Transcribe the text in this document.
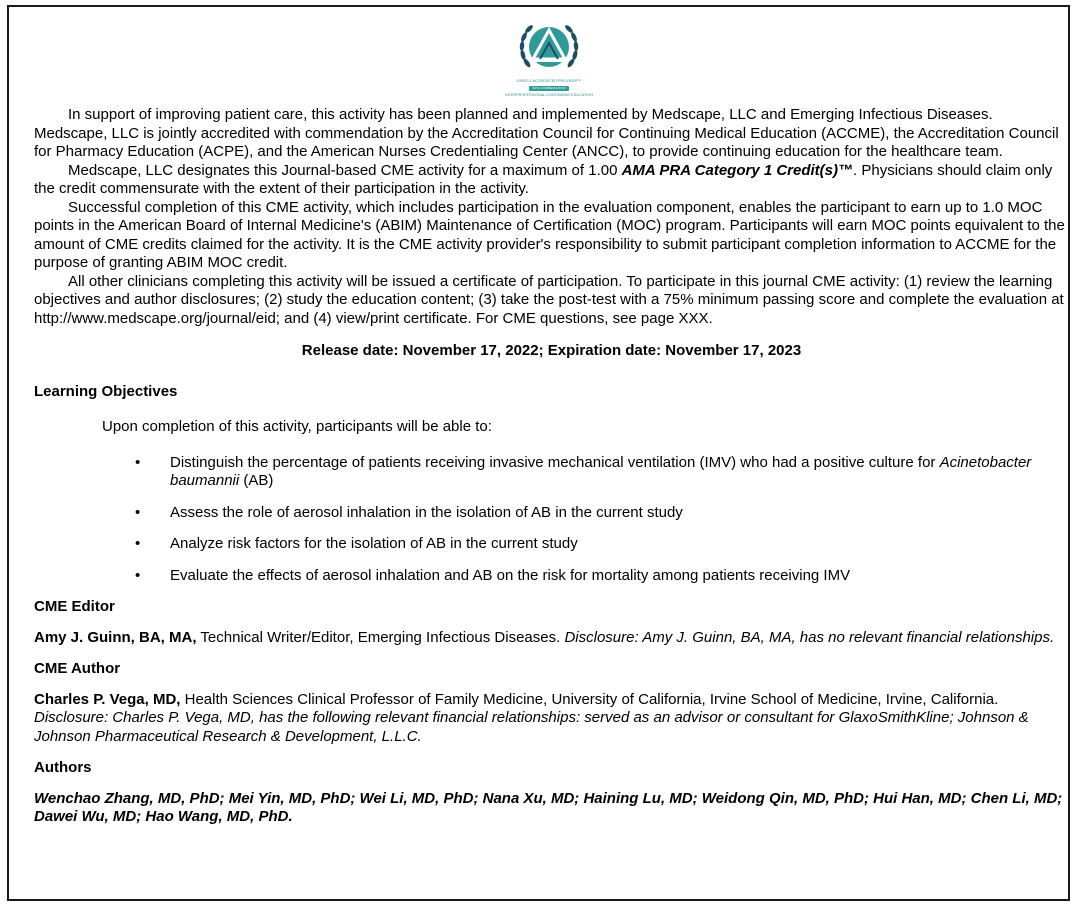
JOINTLY ACCREDITED PROVIDER™
WITH COMMENDATION
INTERPROFESSIONAL CONTINUING EDUCATION

In support of improving patient care, this activity has been planned and implemented by Medscape, LLC and Emerging Infectious Diseases. Medscape, LLC is jointly accredited with commendation by the Accreditation Council for Continuing Medical Education (ACCME), the Accreditation Council for Pharmacy Education (ACPE), and the American Nurses Credentialing Center (ANCC), to provide continuing education for the healthcare team.

Medscape, LLC designates this Journal-based CME activity for a maximum of 1.00 AMA PRA Category 1 Credit(s)™. Physicians should claim only the credit commensurate with the extent of their participation in the activity.

Successful completion of this CME activity, which includes participation in the evaluation component, enables the participant to earn up to 1.0 MOC points in the American Board of Internal Medicine's (ABIM) Maintenance of Certification (MOC) program. Participants will earn MOC points equivalent to the amount of CME credits claimed for the activity. It is the CME activity provider's responsibility to submit participant completion information to ACCME for the purpose of granting ABIM MOC credit.

All other clinicians completing this activity will be issued a certificate of participation. To participate in this journal CME activity: (1) review the learning objectives and author disclosures; (2) study the education content; (3) take the post-test with a 75% minimum passing score and complete the evaluation at http://www.medscape.org/journal/eid; and (4) view/print certificate. For CME questions, see page XXX.

Release date: November 17, 2022; Expiration date: November 17, 2023

Learning Objectives

Upon completion of this activity, participants will be able to:

• Distinguish the percentage of patients receiving invasive mechanical ventilation (IMV) who had a positive culture for Acinetobacter baumannii (AB)
• Assess the role of aerosol inhalation in the isolation of AB in the current study
• Analyze risk factors for the isolation of AB in the current study
• Evaluate the effects of aerosol inhalation and AB on the risk for mortality among patients receiving IMV

CME Editor

Amy J. Guinn, BA, MA, Technical Writer/Editor, Emerging Infectious Diseases. Disclosure: Amy J. Guinn, BA, MA, has no relevant financial relationships.

CME Author

Charles P. Vega, MD, Health Sciences Clinical Professor of Family Medicine, University of California, Irvine School of Medicine, Irvine, California. Disclosure: Charles P. Vega, MD, has the following relevant financial relationships: served as an advisor or consultant for GlaxoSmithKline; Johnson & Johnson Pharmaceutical Research & Development, L.L.C.

Authors

Wenchao Zhang, MD, PhD; Mei Yin, MD, PhD; Wei Li, MD, PhD; Nana Xu, MD; Haining Lu, MD; Weidong Qin, MD, PhD; Hui Han, MD; Chen Li, MD; Dawei Wu, MD; Hao Wang, MD, PhD.
